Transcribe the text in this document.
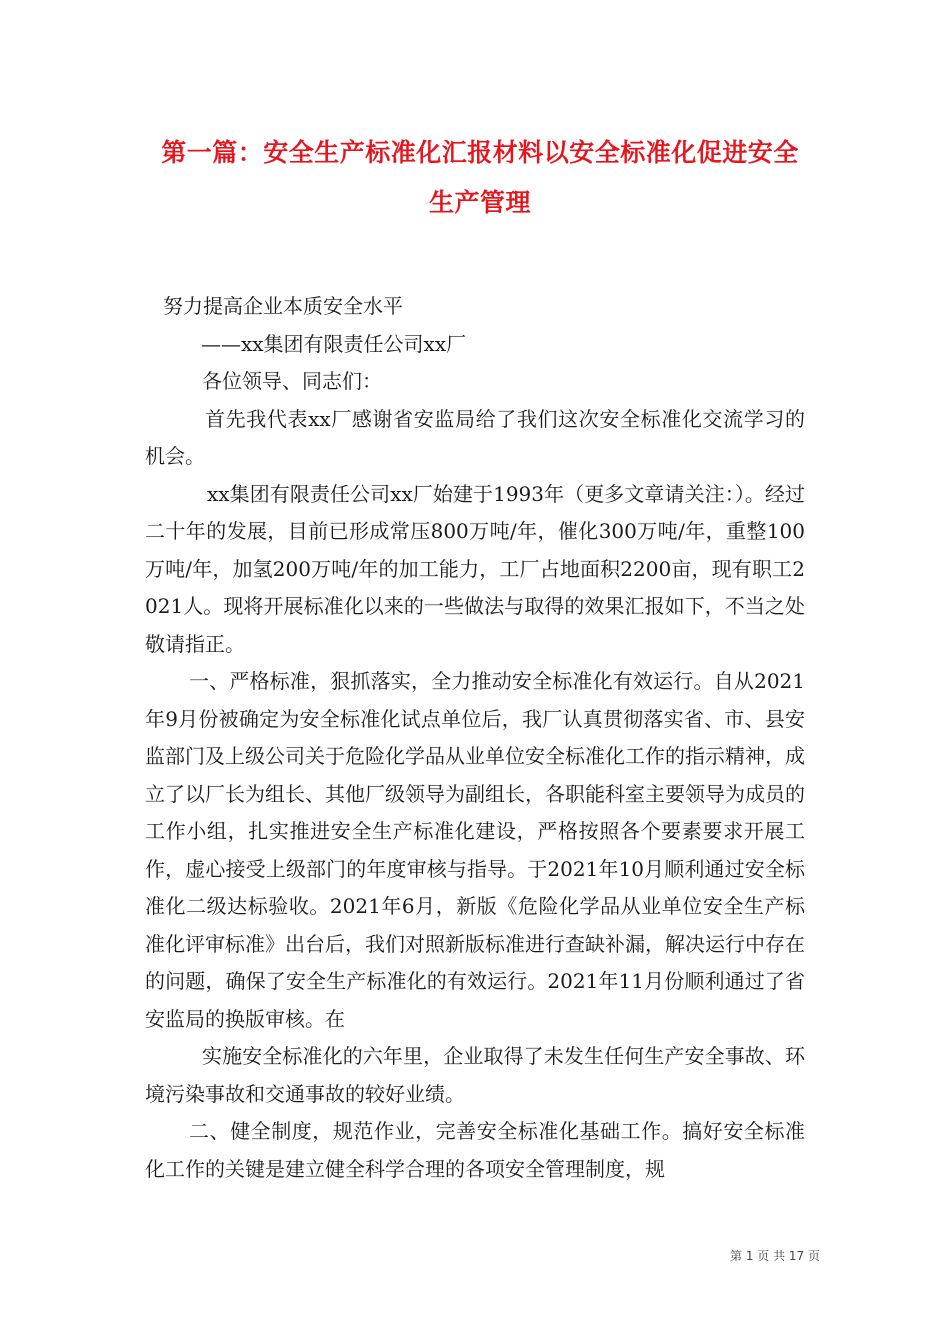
第一篇：安全生产标准化汇报材料以安全标准化促进安全
生产管理

努力提高企业本质安全水平

——xx集团有限责任公司xx厂

各位领导、同志们：

首先我代表xx厂感谢省安监局给了我们这次安全标准化交流学习的机会。

xx集团有限责任公司xx厂始建于1993年（更多文章请关注：）。经过二十年的发展，目前已形成常压800万吨/年，催化300万吨/年，重整100万吨/年，加氢200万吨/年的加工能力，工厂占地面积2200亩，现有职工2021人。现将开展标准化以来的一些做法与取得的效果汇报如下，不当之处敬请指正。

一、严格标准，狠抓落实，全力推动安全标准化有效运行。自从2021年9月份被确定为安全标准化试点单位后，我厂认真贯彻落实省、市、县安监部门及上级公司关于危险化学品从业单位安全标准化工作的指示精神，成立了以厂长为组长、其他厂级领导为副组长，各职能科室主要领导为成员的工作小组，扎实推进安全生产标准化建设，严格按照各个要素要求开展工作，虚心接受上级部门的年度审核与指导。于2021年10月顺利通过安全标准化二级达标验收。2021年6月，新版《危险化学品从业单位安全生产标准化评审标准》出台后，我们对照新版标准进行查缺补漏，解决运行中存在的问题，确保了安全生产标准化的有效运行。2021年11月份顺利通过了省安监局的换版审核。在

实施安全标准化的六年里，企业取得了未发生任何生产安全事故、环境污染事故和交通事故的较好业绩。

二、健全制度，规范作业，完善安全标准化基础工作。搞好安全标准化工作的关键是建立健全科学合理的各项安全管理制度，规

第 1 页 共 17 页
